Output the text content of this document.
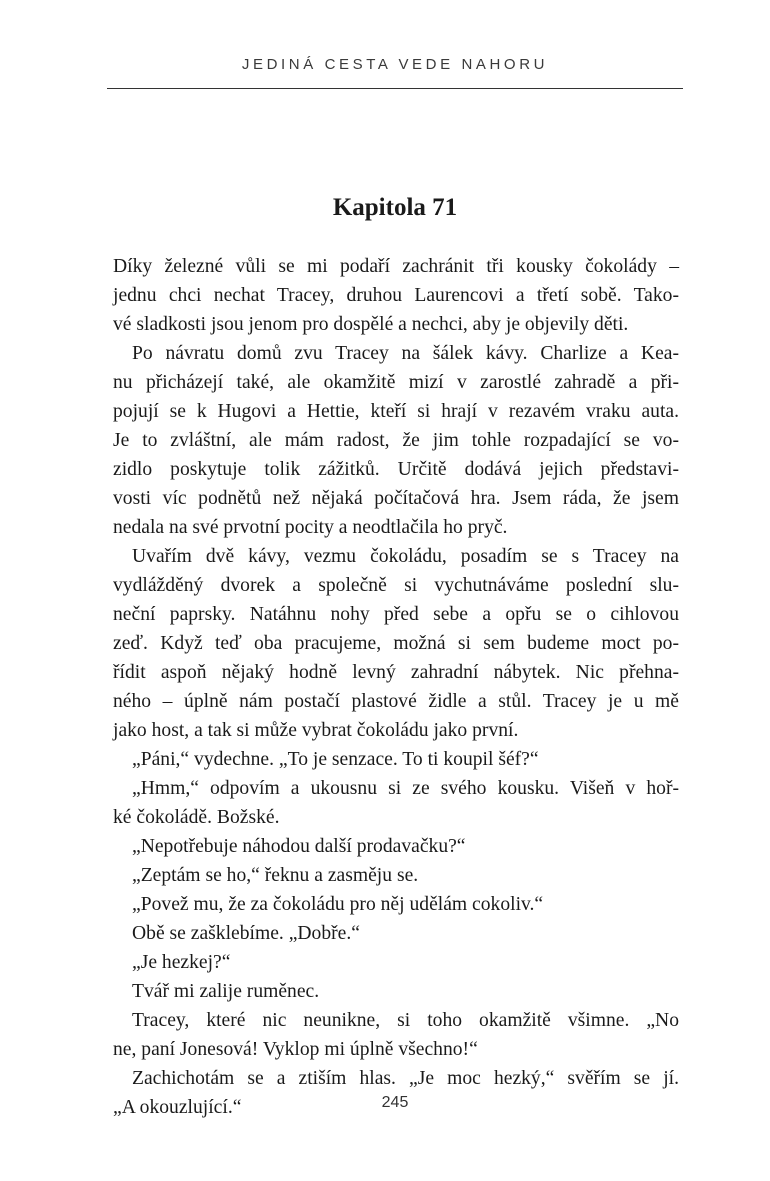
JEDINÁ CESTA VEDE NAHORU
Kapitola 71
Díky železné vůli se mi podaří zachránit tři kousky čokolády –
jednu chci nechat Tracey, druhou Laurencovi a třetí sobě. Tako-
vé sladkosti jsou jenom pro dospělé a nechci, aby je objevily děti.
Po návratu domů zvu Tracey na šálek kávy. Charlize a Kea-
nu přicházejí také, ale okamžitě mizí v zarostlé zahradě a při-
pojují se k Hugovi a Hettie, kteří si hrají v rezavém vraku auta.
Je to zvláštní, ale mám radost, že jim tohle rozpadající se vo-
zidlo poskytuje tolik zážitků. Určitě dodává jejich představi-
vosti víc podnětů než nějaká počítačová hra. Jsem ráda, že jsem
nedala na své prvotní pocity a neodtlačila ho pryč.
Uvařím dvě kávy, vezmu čokoládu, posadím se s Tracey na
vydlážděný dvorek a společně si vychutnáváme poslední slu-
neční paprsky. Natáhnu nohy před sebe a opřu se o cihlovou
zeď. Když teď oba pracujeme, možná si sem budeme moct po-
řídit aspoň nějaký hodně levný zahradní nábytek. Nic přehna-
ného – úplně nám postačí plastové židle a stůl. Tracey je u mě
jako host, a tak si může vybrat čokoládu jako první.
„Páni,“ vydechne. „To je senzace. To ti koupil šéf?“
„Hmm,“ odpovím a ukousnu si ze svého kousku. Višeň v hoř-
ké čokoládě. Božské.
„Nepotřebuje náhodou další prodavačku?“
„Zeptám se ho,“ řeknu a zasměju se.
„Povež mu, že za čokoládu pro něj udělám cokoliv.“
Obě se zašklebíme. „Dobře.“
„Je hezkej?“
Tvář mi zalije ruměnec.
Tracey, které nic neunikne, si toho okamžitě všimne. „No
ne, paní Jonesová! Vyklop mi úplně všechno!“
Zachichotám se a ztiším hlas. „Je moc hezký,“ svěřím se jí.
„A okouzlující.“	245
